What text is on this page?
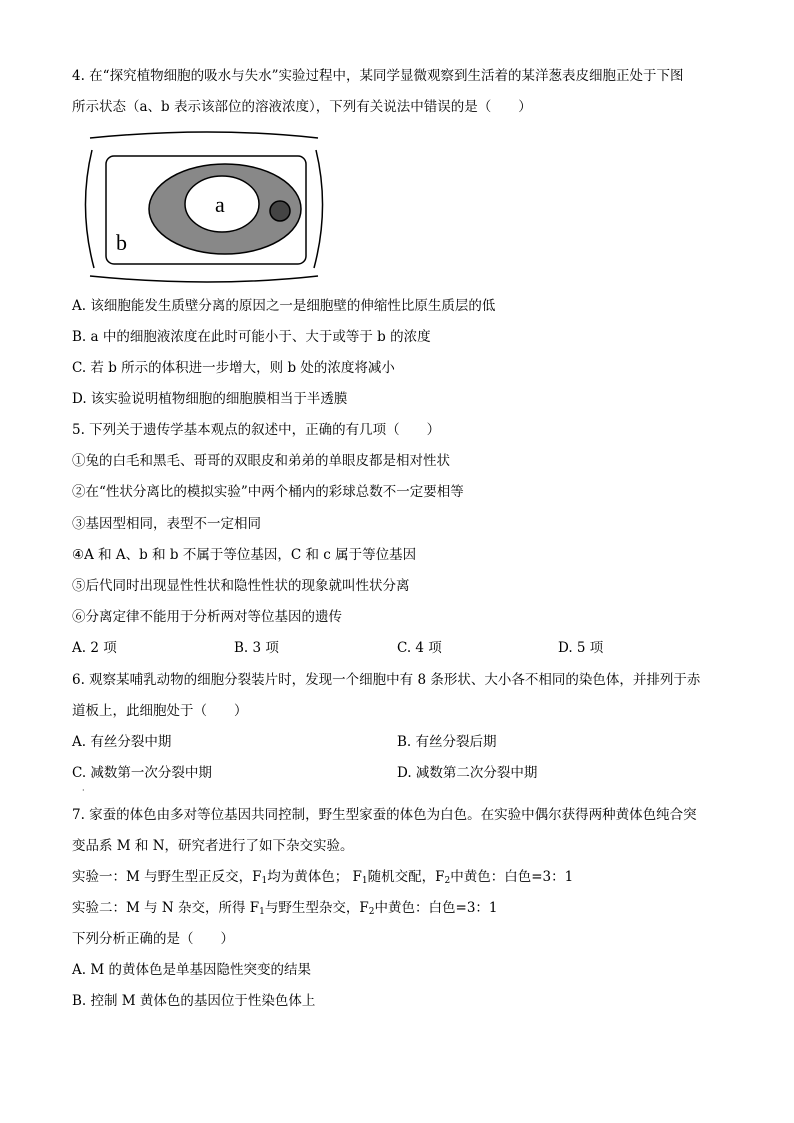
4. 在“探究植物细胞的吸水与失水”实验过程中，某同学显微观察到生活着的某洋葱表皮细胞正处于下图
所示状态（a、b 表示该部位的溶液浓度），下列有关说法中错误的是（　　）
a
b
A. 该细胞能发生质壁分离的原因之一是细胞壁的伸缩性比原生质层的低
B. a 中的细胞液浓度在此时可能小于、大于或等于 b 的浓度
C. 若 b 所示的体积进一步增大，则 b 处的浓度将减小
D. 该实验说明植物细胞的细胞膜相当于半透膜
5. 下列关于遗传学基本观点的叙述中，正确的有几项（　　）
①兔的白毛和黑毛、哥哥的双眼皮和弟弟的单眼皮都是相对性状
②在“性状分离比的模拟实验”中两个桶内的彩球总数不一定要相等
③基因型相同，表型不一定相同
④A 和 A、b 和 b 不属于等位基因，C 和 c 属于等位基因
⑤后代同时出现显性性状和隐性性状的现象就叫性状分离
⑥分离定律不能用于分析两对等位基因的遗传
A. 2 项	B. 3 项	C. 4 项	D. 5 项
6. 观察某哺乳动物的细胞分裂装片时，发现一个细胞中有 8 条形状、大小各不相同的染色体，并排列于赤
道板上，此细胞处于（　　）
A. 有丝分裂中期	B. 有丝分裂后期
C. 减数第一次分裂中期	D. 减数第二次分裂中期
·
7. 家蚕的体色由多对等位基因共同控制，野生型家蚕的体色为白色。在实验中偶尔获得两种黄体色纯合突
变品系 M 和 N，研究者进行了如下杂交实验。
实验一：M 与野生型正反交，$F_1$均为黄体色； $F_1$随机交配，$F_2$中黄色：白色=3：1
实验二：M 与 N 杂交，所得 $F_1$与野生型杂交，$F_2$中黄色：白色=3：1
下列分析正确的是（　　）
A. M 的黄体色是单基因隐性突变的结果
B. 控制 M 黄体色的基因位于性染色体上
